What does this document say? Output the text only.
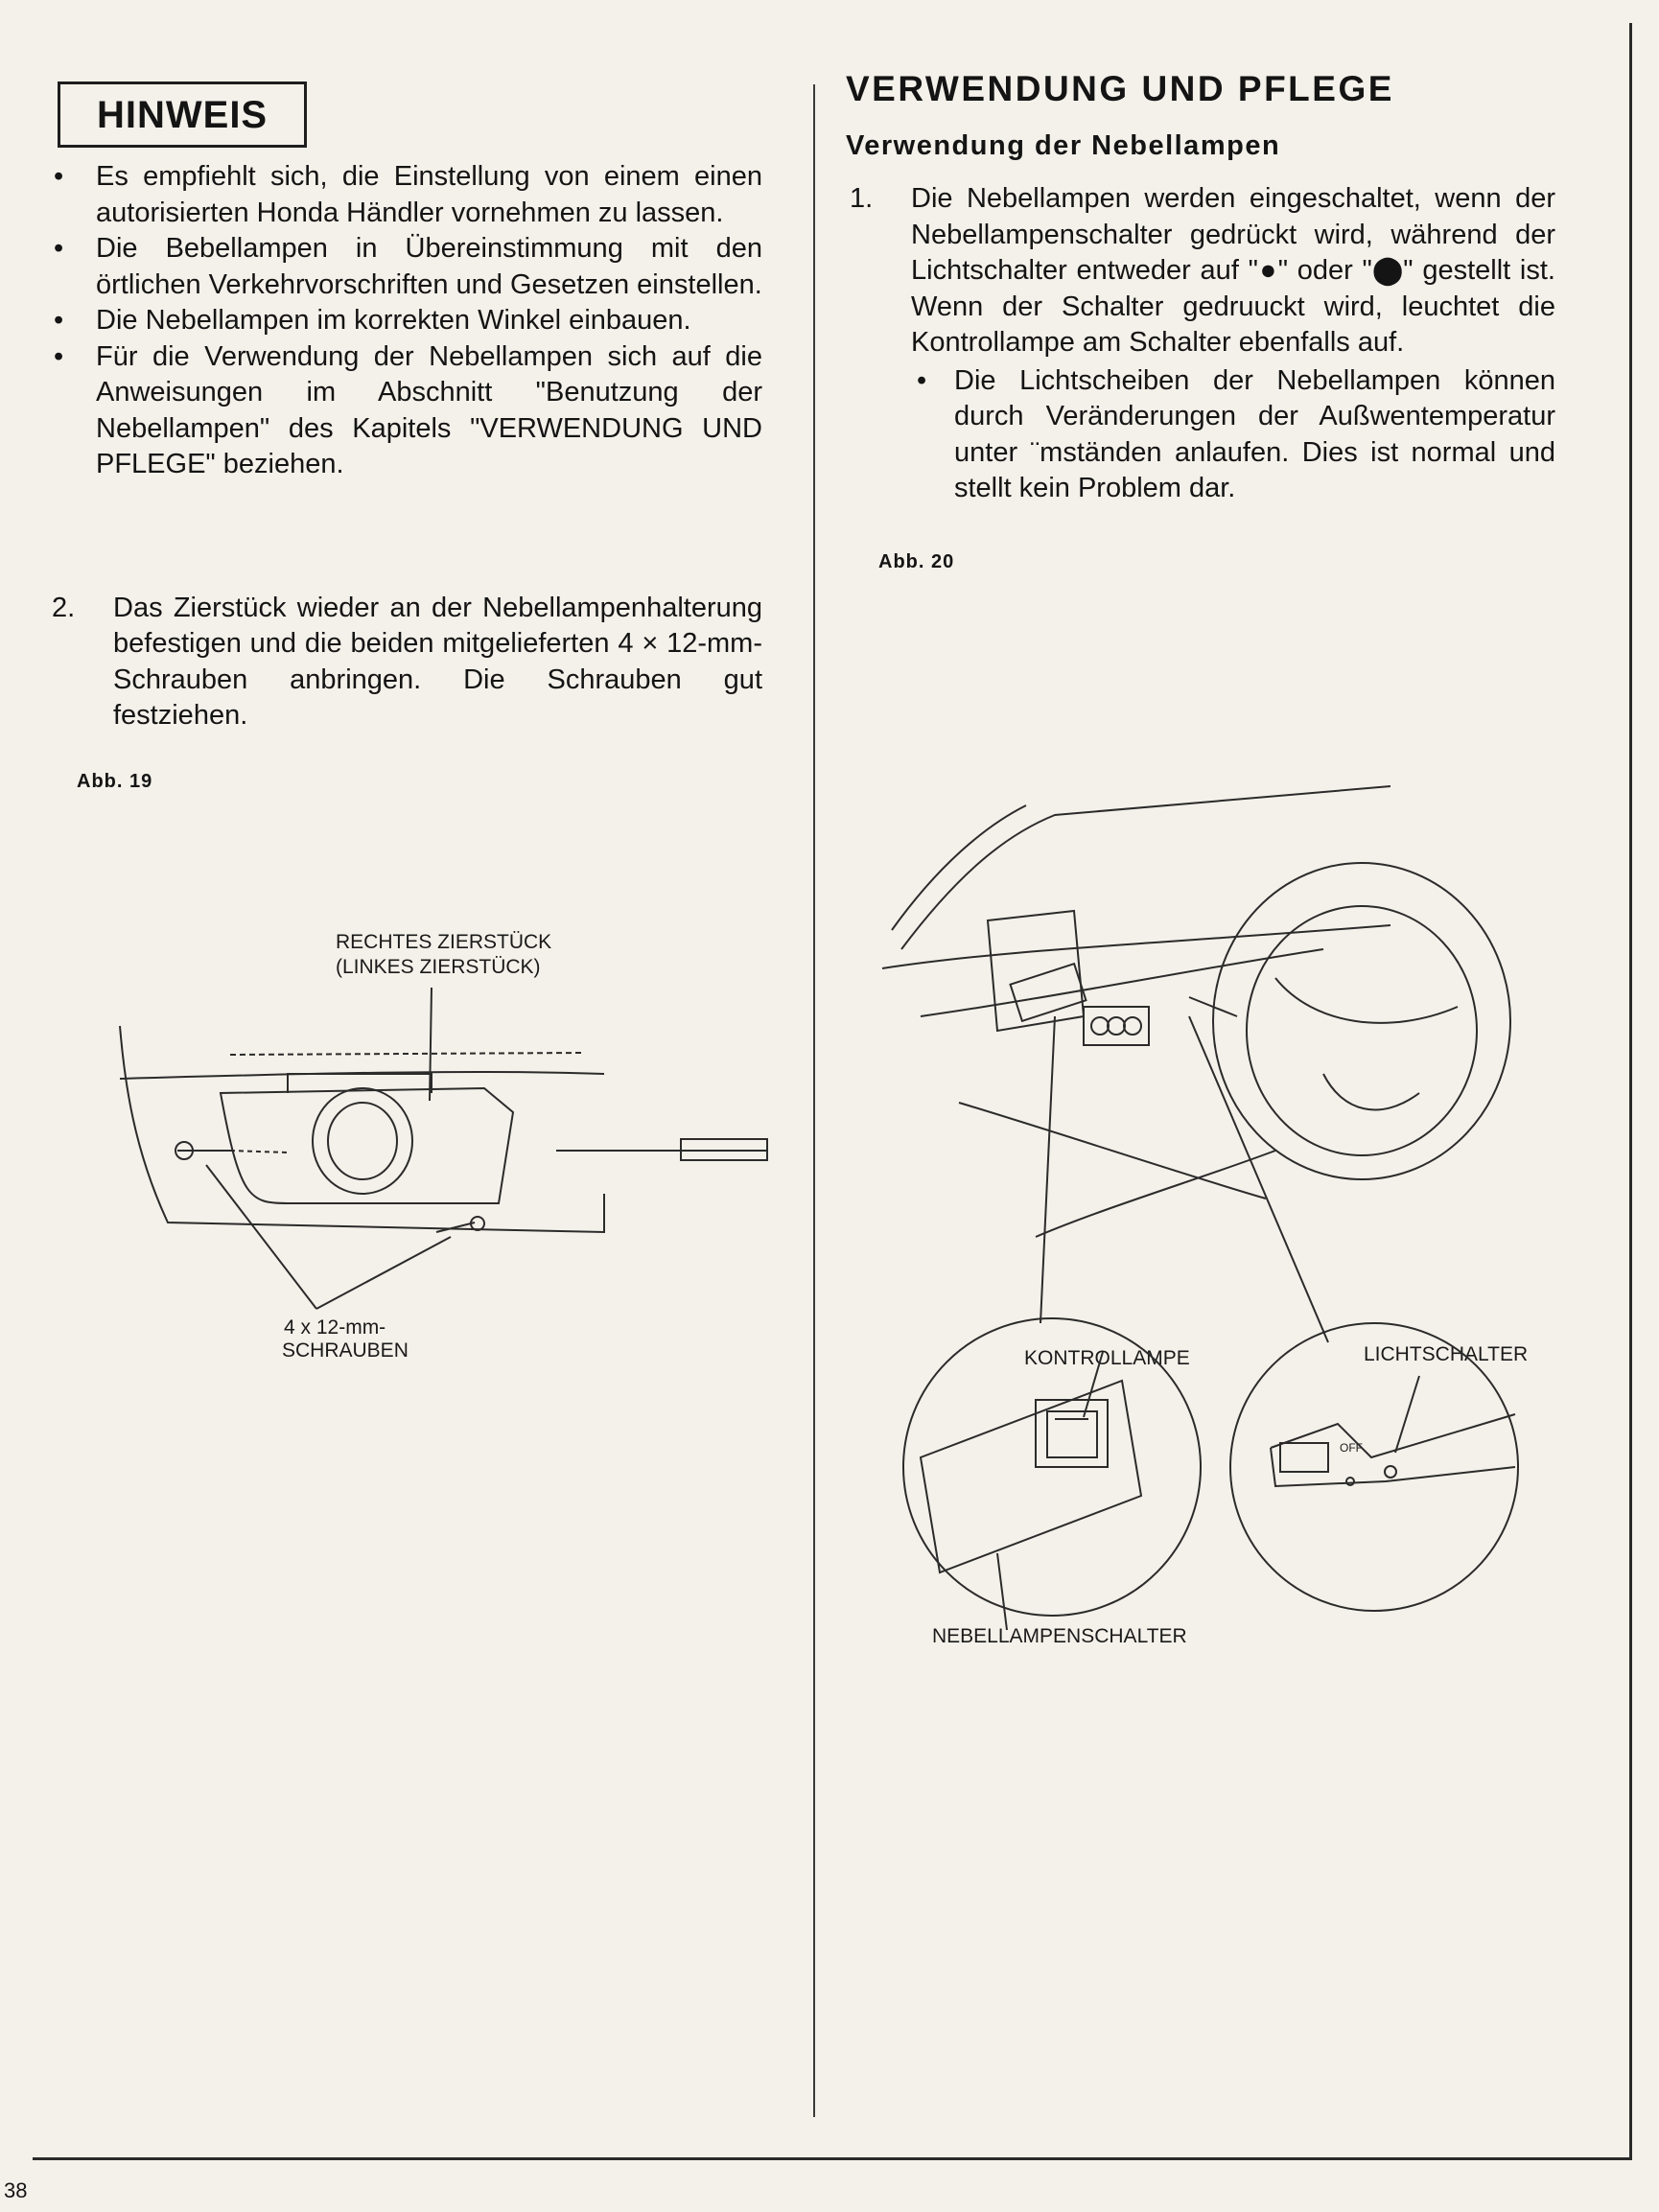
HINWEIS
• Es empfiehlt sich, die Einstellung von einem einen autorisierten Honda Händler vornehmen zu lassen.
• Die Bebellampen in Übereinstimmung mit den örtlichen Verkehrvorschriften und Gesetzen einstellen.
• Die Nebellampen im korrekten Winkel einbauen.
• Für die Verwendung der Nebellampen sich auf die Anweisungen im Abschnitt "Benutzung der Nebellampen" des Kapitels "VERWENDUNG UND PFLEGE" beziehen.
2. Das Zierstück wieder an der Nebellampenhalterung befestigen und die beiden mitgelieferten 4 × 12-mm-Schrauben anbringen. Die Schrauben gut festziehen.
Abb. 19
RECHTES ZIERSTÜCK
(LINKES ZIERSTÜCK)
4 x 12-mm-
SCHRAUBEN
VERWENDUNG UND PFLEGE
Verwendung der Nebellampen
1. Die Nebellampen werden eingeschaltet, wenn der Nebellampenschalter gedrückt wird, während der Lichtschalter entweder auf "●" oder "⬤" gestellt ist. Wenn der Schalter gedruuckt wird, leuchtet die Kontrollampe am Schalter ebenfalls auf.
• Die Lichtscheiben der Nebellampen können durch Veränderungen der Außwentemperatur unter ¨mständen anlaufen. Dies ist normal und stellt kein Problem dar.
Abb. 20
KONTROLLAMPE	LICHTSCHALTER
NEBELLAMPENSCHALTER
OFF
38
